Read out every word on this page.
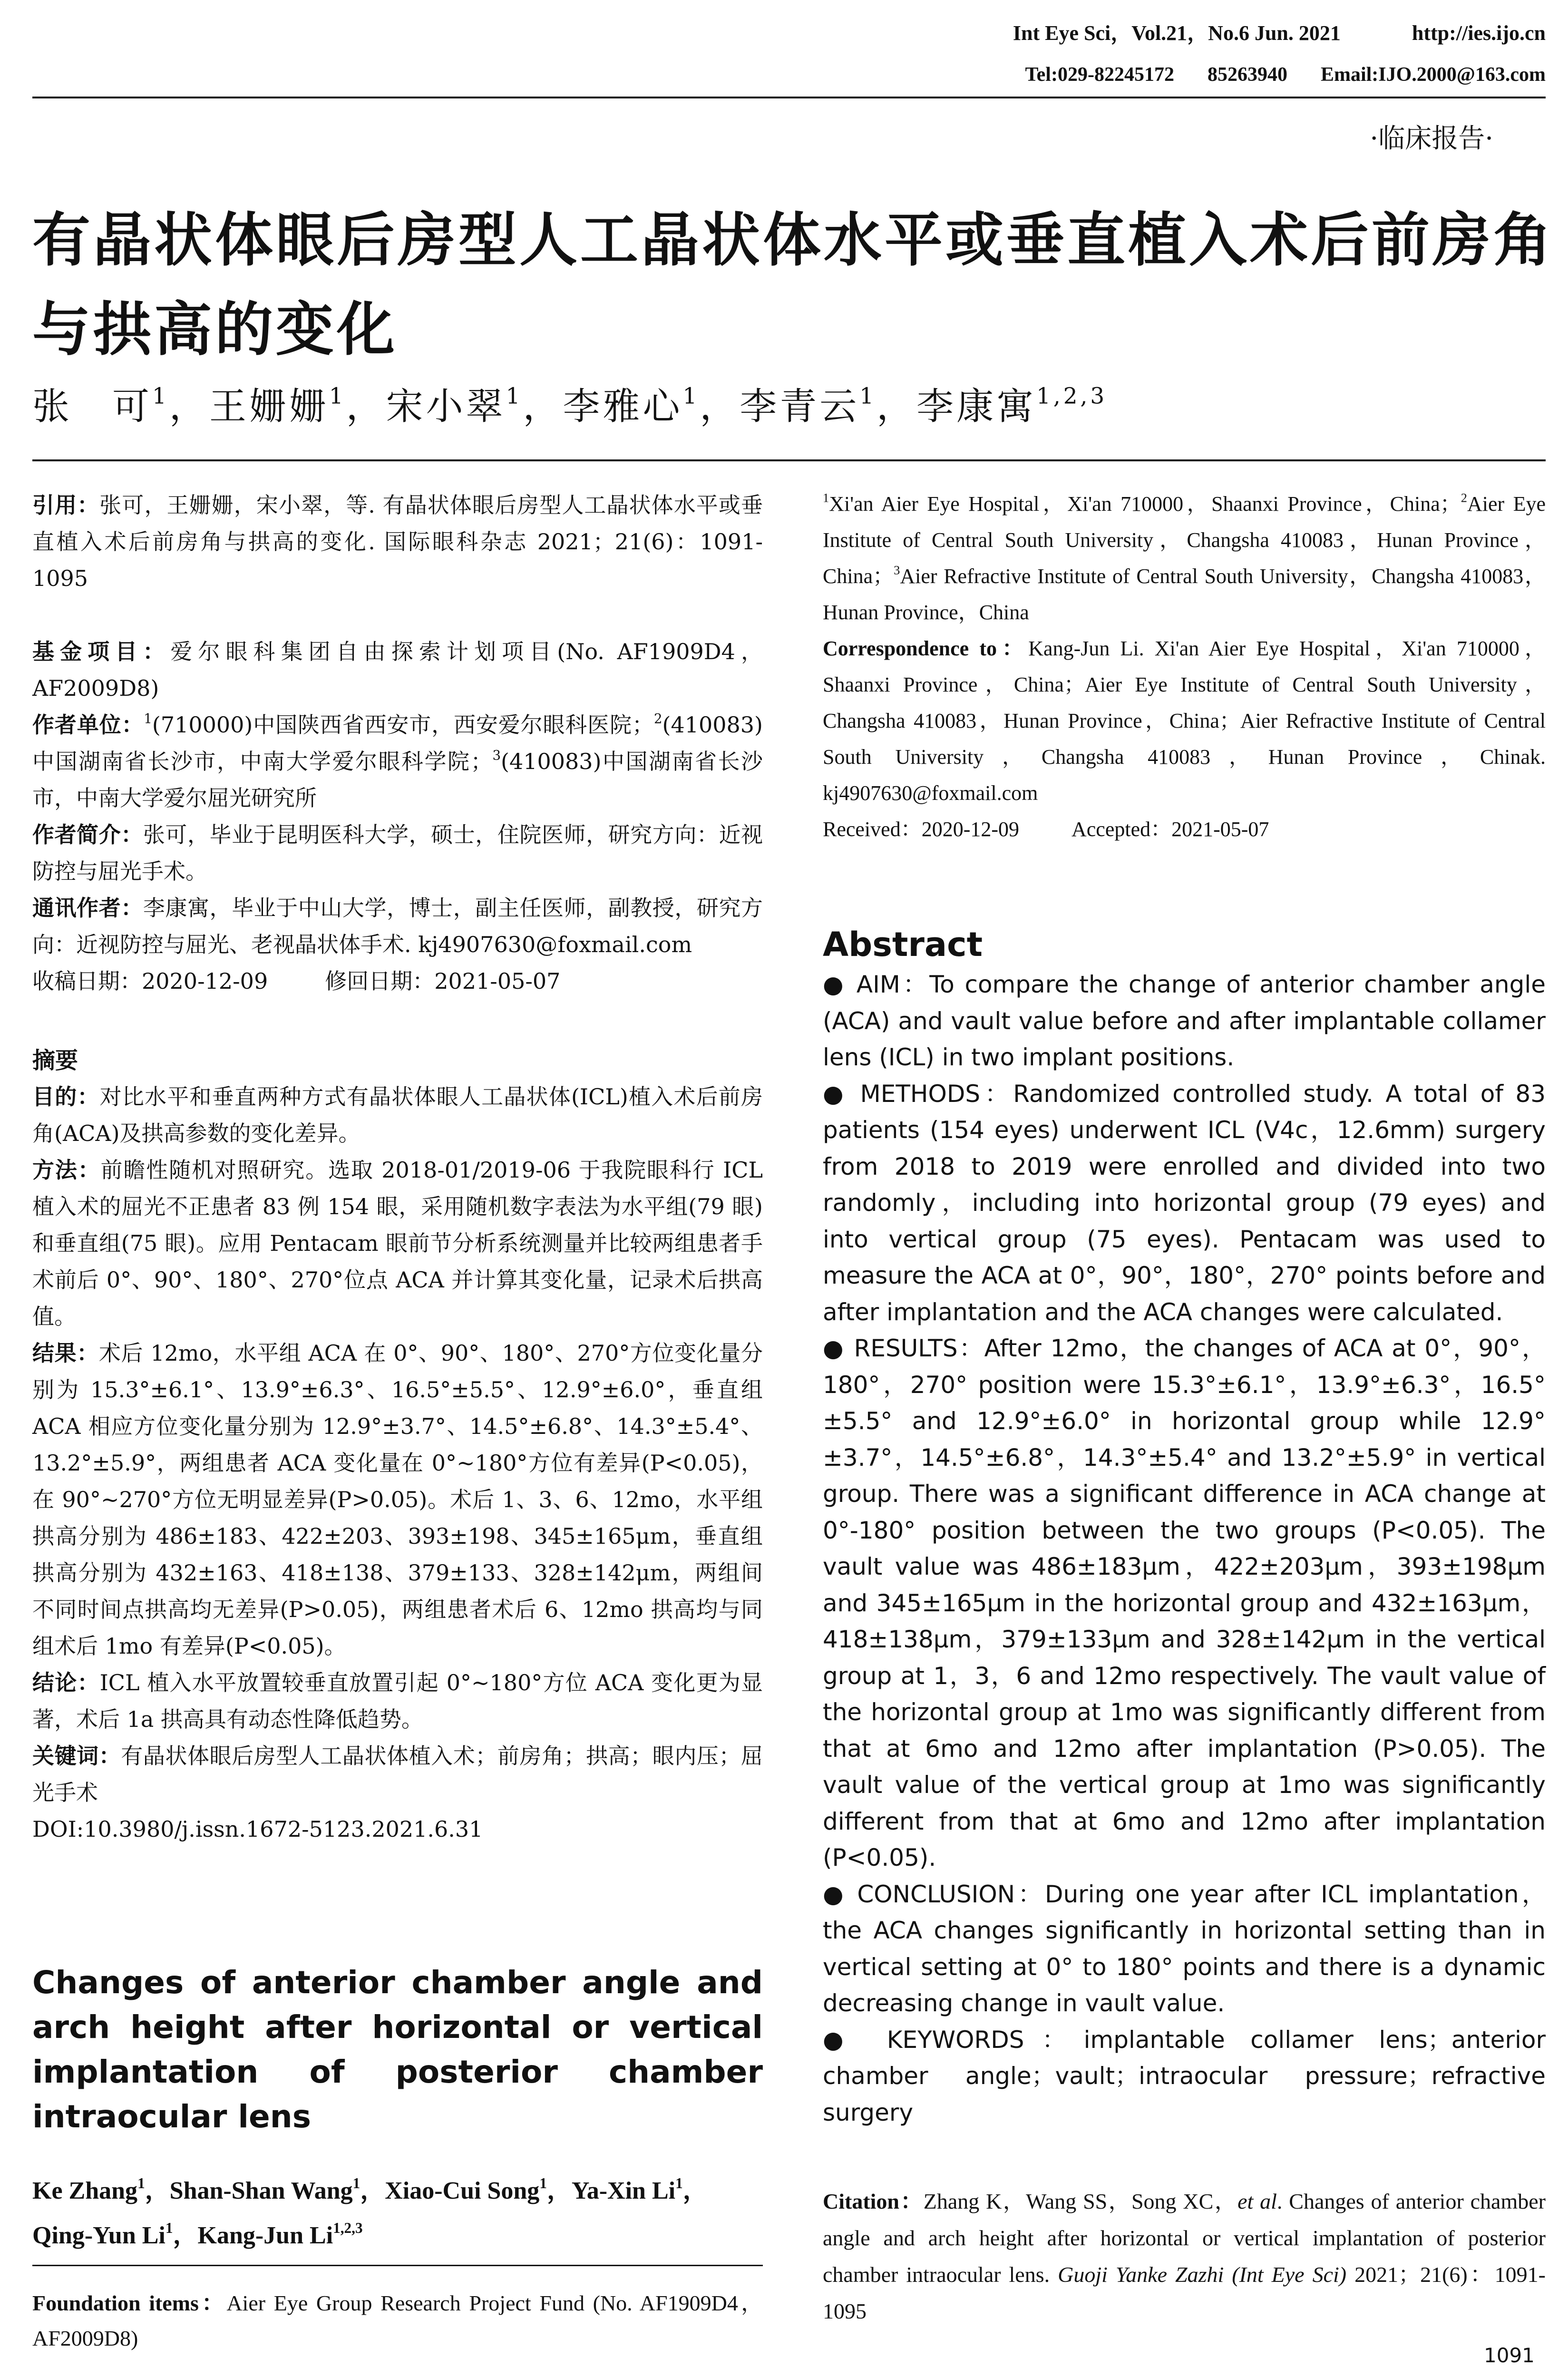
Int Eye Sci，Vol.21，No.6 Jun. 2021	http://ies.ijo.cn
Tel:029-82245172 85263940 Email:IJO.2000@163.com
·临床报告·
有晶状体眼后房型人工晶状体水平或垂直植入术后前房角与拱高的变化
张　可$^1$，王姗姗$^1$，宋小翠$^1$，李雅心$^1$，李青云$^1$，李康寓$^{1,2,3}$

引用：张可，王姗姗，宋小翠，等. 有晶状体眼后房型人工晶状体水平或垂直植入术后前房角与拱高的变化. 国际眼科杂志 2021；21(6)：1091-1095

基金项目：爱尔眼科集团自由探索计划项目(No. AF1909D4，AF2009D8)

作者单位：$^1$(710000)中国陕西省西安市，西安爱尔眼科医院；$^2$(410083)中国湖南省长沙市，中南大学爱尔眼科学院；$^3$(410083)中国湖南省长沙市，中南大学爱尔屈光研究所

作者简介：张可，毕业于昆明医科大学，硕士，住院医师，研究方向：近视防控与屈光手术。

通讯作者：李康寓，毕业于中山大学，博士，副主任医师，副教授，研究方向：近视防控与屈光、老视晶状体手术. kj4907630@foxmail.com

收稿日期：2020-12-09	修回日期：2021-05-07

摘要

目的：对比水平和垂直两种方式有晶状体眼人工晶状体(ICL)植入术后前房角(ACA)及拱高参数的变化差异。

方法：前瞻性随机对照研究。选取 2018-01/2019-06 于我院眼科行 ICL 植入术的屈光不正患者 83 例 154 眼，采用随机数字表法为水平组(79 眼)和垂直组(75 眼)。应用 Pentacam 眼前节分析系统测量并比较两组患者手术前后 0°、90°、180°、270°位点 ACA 并计算其变化量，记录术后拱高值。

结果：术后 12mo，水平组 ACA 在 0°、90°、180°、270°方位变化量分别为 15.3°±6.1°、13.9°±6.3°、16.5°±5.5°、12.9°±6.0°，垂直组 ACA 相应方位变化量分别为 12.9°±3.7°、14.5°±6.8°、14.3°±5.4°、13.2°±5.9°，两组患者 ACA 变化量在 0°~180°方位有差异(P<0.05)，在 90°~270°方位无明显差异(P>0.05)。术后 1、3、6、12mo，水平组拱高分别为 486±183、422±203、393±198、345±165μm，垂直组拱高分别为 432±163、418±138、379±133、328±142μm，两组间不同时间点拱高均无差异(P>0.05)，两组患者术后 6、12mo 拱高均与同组术后 1mo 有差异(P<0.05)。

结论：ICL 植入水平放置较垂直放置引起 0°~180°方位 ACA 变化更为显著，术后 1a 拱高具有动态性降低趋势。

关键词：有晶状体眼后房型人工晶状体植入术；前房角；拱高；眼内压；屈光手术

DOI:10.3980/j.issn.1672-5123.2021.6.31

Changes of anterior chamber angle and arch height after horizontal or vertical implantation of posterior chamber intraocular lens
Ke Zhang$^1$，Shan-Shan Wang$^1$，Xiao-Cui Song$^1$，Ya-Xin Li$^1$，Qing-Yun Li$^1$，Kang-Jun Li$^{1,2,3}$
Foundation items：Aier Eye Group Research Project Fund (No. AF1909D4，AF2009D8)

$^1$Xi'an Aier Eye Hospital，Xi'an 710000，Shaanxi Province，China；$^2$Aier Eye Institute of Central South University，Changsha 410083，Hunan Province，China；$^3$Aier Refractive Institute of Central South University，Changsha 410083，Hunan Province，China

Correspondence to：Kang-Jun Li. Xi'an Aier Eye Hospital，Xi'an 710000，Shaanxi Province，China；Aier Eye Institute of Central South University，Changsha 410083，Hunan Province，China；Aier Refractive Institute of Central South University，Changsha 410083，Hunan Province，Chinak. kj4907630@foxmail.com

Received：2020-12-09	Accepted：2021-05-07

Abstract

● AIM：To compare the change of anterior chamber angle (ACA) and vault value before and after implantable collamer lens (ICL) in two implant positions.

● METHODS：Randomized controlled study. A total of 83 patients (154 eyes) underwent ICL (V4c，12.6mm) surgery from 2018 to 2019 were enrolled and divided into two randomly，including into horizontal group (79 eyes) and into vertical group (75 eyes). Pentacam was used to measure the ACA at 0°，90°，180°，270° points before and after implantation and the ACA changes were calculated.

● RESULTS：After 12mo，the changes of ACA at 0°，90°，180°，270° position were 15.3°±6.1°，13.9°±6.3°，16.5°±5.5° and 12.9°±6.0° in horizontal group while 12.9°±3.7°，14.5°±6.8°，14.3°±5.4° and 13.2°±5.9° in vertical group. There was a significant difference in ACA change at 0°-180° position between the two groups (P<0.05). The vault value was 486±183μm，422±203μm，393±198μm and 345±165μm in the horizontal group and 432±163μm，418±138μm，379±133μm and 328±142μm in the vertical group at 1，3，6 and 12mo respectively. The vault value of the horizontal group at 1mo was significantly different from that at 6mo and 12mo after implantation (P>0.05). The vault value of the vertical group at 1mo was significantly different from that at 6mo and 12mo after implantation (P<0.05).

● CONCLUSION：During one year after ICL implantation，the ACA changes significantly in horizontal setting than in vertical setting at 0° to 180° points and there is a dynamic decreasing change in vault value.

● KEYWORDS：implantable collamer lens；anterior chamber angle；vault；intraocular pressure；refractive surgery

Citation：Zhang K，Wang SS，Song XC，et al. Changes of anterior chamber angle and arch height after horizontal or vertical implantation of posterior chamber intraocular lens. Guoji Yanke Zazhi (Int Eye Sci) 2021；21(6)：1091-1095
1091
